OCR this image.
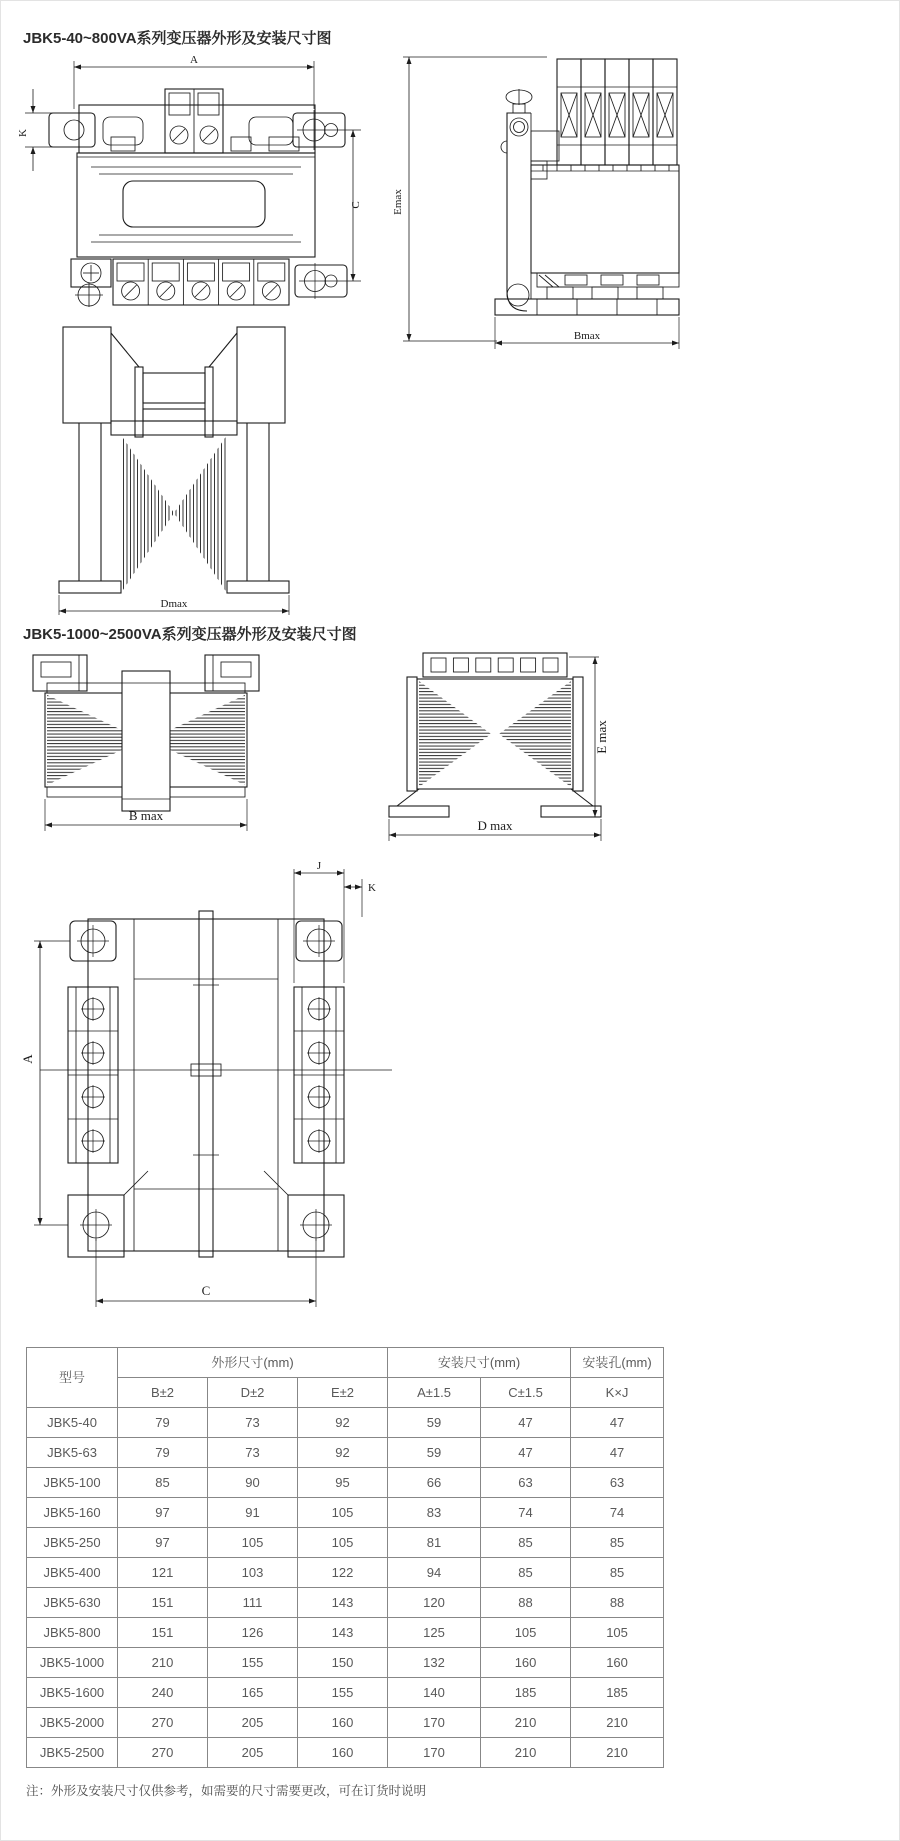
JBK5-40~800VA系列变压器外形及安装尺寸图
A
K
C	Emax
Bmax
Dmax
JBK5-1000~2500VA系列变压器外形及安装尺寸图
B max
E max
D max
A
J
K
C
型号	外形尺寸(mm)			安装尺寸(mm)		安装孔(mm)
	B±2	D±2	E±2	A±1.5	C±1.5	K×J
JBK5-40	79	73	92	59	47	47
JBK5-63	79	73	92	59	47	47
JBK5-100	85	90	95	66	63	63
JBK5-160	97	91	105	83	74	74
JBK5-250	97	105	105	81	85	85
JBK5-400	121	103	122	94	85	85
JBK5-630	151	111	143	120	88	88
JBK5-800	151	126	143	125	105	105
JBK5-1000	210	155	150	132	160	160
JBK5-1600	240	165	155	140	185	185
JBK5-2000	270	205	160	170	210	210
JBK5-2500	270	205	160	170	210	210
注：外形及安装尺寸仅供参考，如需要的尺寸需要更改，可在订货时说明
